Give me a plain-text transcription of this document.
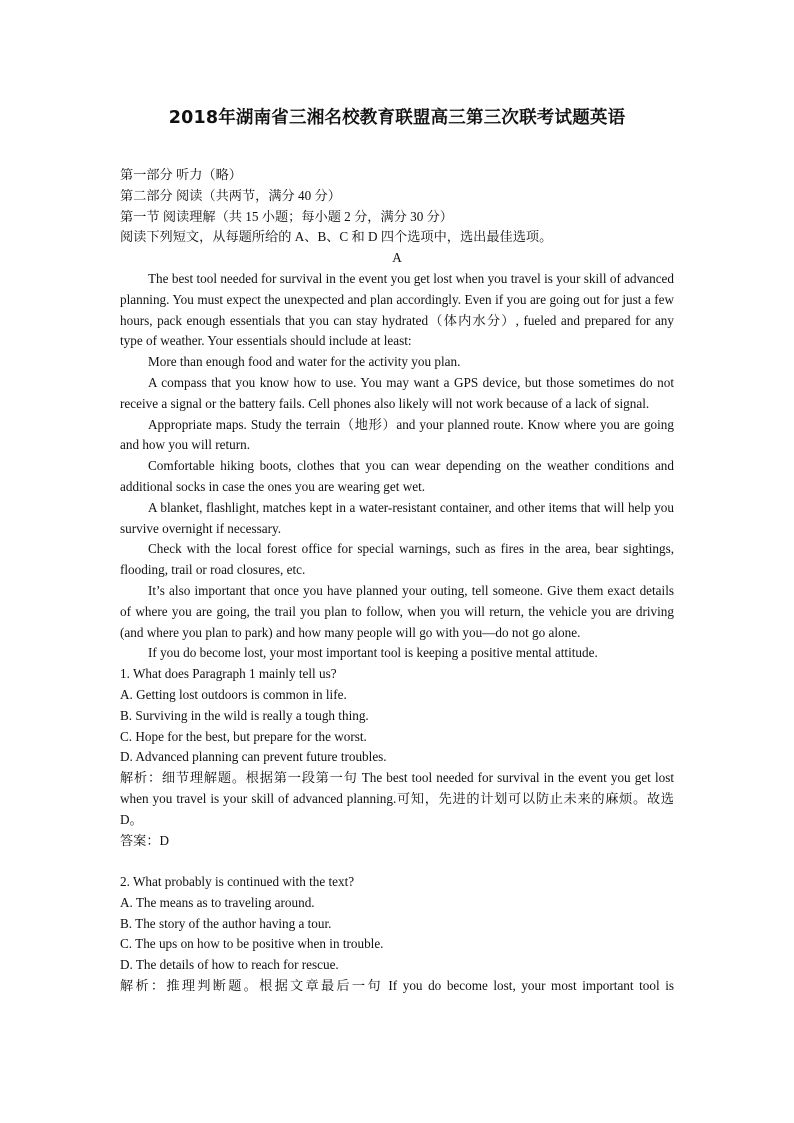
2018年湖南省三湘名校教育联盟高三第三次联考试题英语

第一部分 听力（略）

第二部分 阅读（共两节，满分 40 分）

第一节 阅读理解（共 15 小题；每小题 2 分，满分 30 分）

阅读下列短文，从每题所给的 A、B、C 和 D 四个选项中，选出最佳选项。

A

The best tool needed for survival in the event you get lost when you travel is your skill of advanced planning. You must expect the unexpected and plan accordingly. Even if you are going out for just a few hours, pack enough essentials that you can stay hydrated（体内水分）, fueled and prepared for any type of weather. Your essentials should include at least:

More than enough food and water for the activity you plan.

A compass that you know how to use. You may want a GPS device, but those sometimes do not receive a signal or the battery fails. Cell phones also likely will not work because of a lack of signal.

Appropriate maps. Study the terrain（地形）and your planned route. Know where you are going and how you will return.

Comfortable hiking boots, clothes that you can wear depending on the weather conditions and additional socks in case the ones you are wearing get wet.

A blanket, flashlight, matches kept in a water-resistant container, and other items that will help you survive overnight if necessary.

Check with the local forest office for special warnings, such as fires in the area, bear sightings, flooding, trail or road closures, etc.

It’s also important that once you have planned your outing, tell someone. Give them exact details of where you are going, the trail you plan to follow, when you will return, the vehicle you are driving (and where you plan to park) and how many people will go with you—do not go alone.

If you do become lost, your most important tool is keeping a positive mental attitude.

1. What does Paragraph 1 mainly tell us?

A. Getting lost outdoors is common in life.

B. Surviving in the wild is really a tough thing.

C. Hope for the best, but prepare for the worst.

D. Advanced planning can prevent future troubles.

解析：细节理解题。根据第一段第一句 The best tool needed for survival in the event you get lost when you travel is your skill of advanced planning.可知，先进的计划可以防止未来的麻烦。故选 D。

答案：D

2. What probably is continued with the text?

A. The means as to traveling around.

B. The story of the author having a tour.

C. The ups on how to be positive when in trouble.

D. The details of how to reach for rescue.

解析：推理判断题。根据文章最后一句 If you do become lost, your most important tool is
